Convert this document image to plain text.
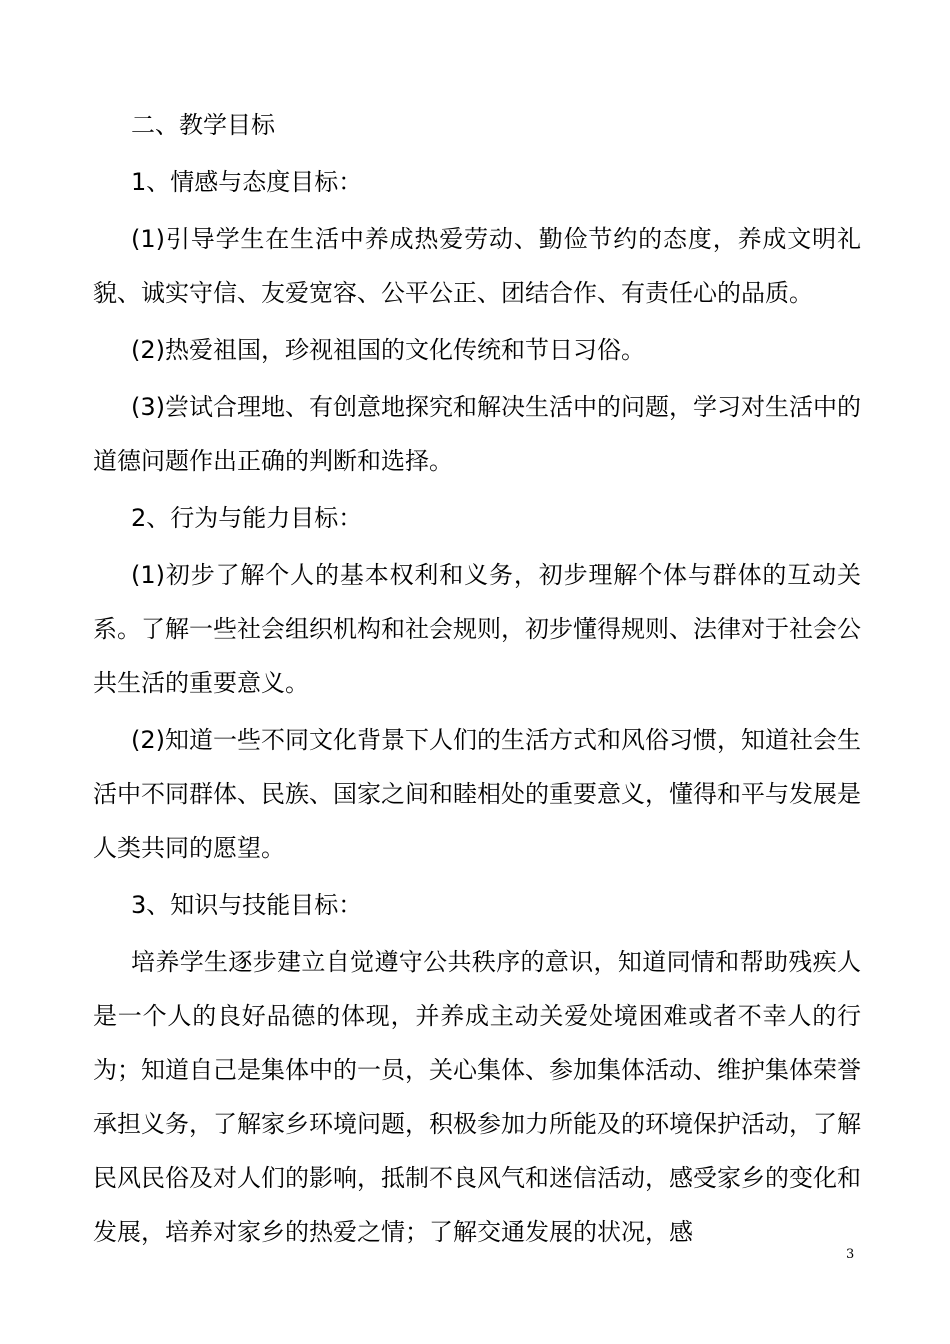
二、教学目标

1、情感与态度目标：

(1)引导学生在生活中养成热爱劳动、勤俭节约的态度，养成文明礼貌、诚实守信、友爱宽容、公平公正、团结合作、有责任心的品质。

(2)热爱祖国，珍视祖国的文化传统和节日习俗。

(3)尝试合理地、有创意地探究和解决生活中的问题，学习对生活中的道德问题作出正确的判断和选择。

2、行为与能力目标：

(1)初步了解个人的基本权利和义务，初步理解个体与群体的互动关系。了解一些社会组织机构和社会规则，初步懂得规则、法律对于社会公共生活的重要意义。

(2)知道一些不同文化背景下人们的生活方式和风俗习惯，知道社会生活中不同群体、民族、国家之间和睦相处的重要意义，懂得和平与发展是人类共同的愿望。

3、知识与技能目标：

培养学生逐步建立自觉遵守公共秩序的意识，知道同情和帮助残疾人是一个人的良好品德的体现，并养成主动关爱处境困难或者不幸人的行为；知道自己是集体中的一员，关心集体、参加集体活动、维护集体荣誉承担义务，了解家乡环境问题，积极参加力所能及的环境保护活动，了解民风民俗及对人们的影响，抵制不良风气和迷信活动，感受家乡的变化和发展，培养对家乡的热爱之情；了解交通发展的状况，感

3
